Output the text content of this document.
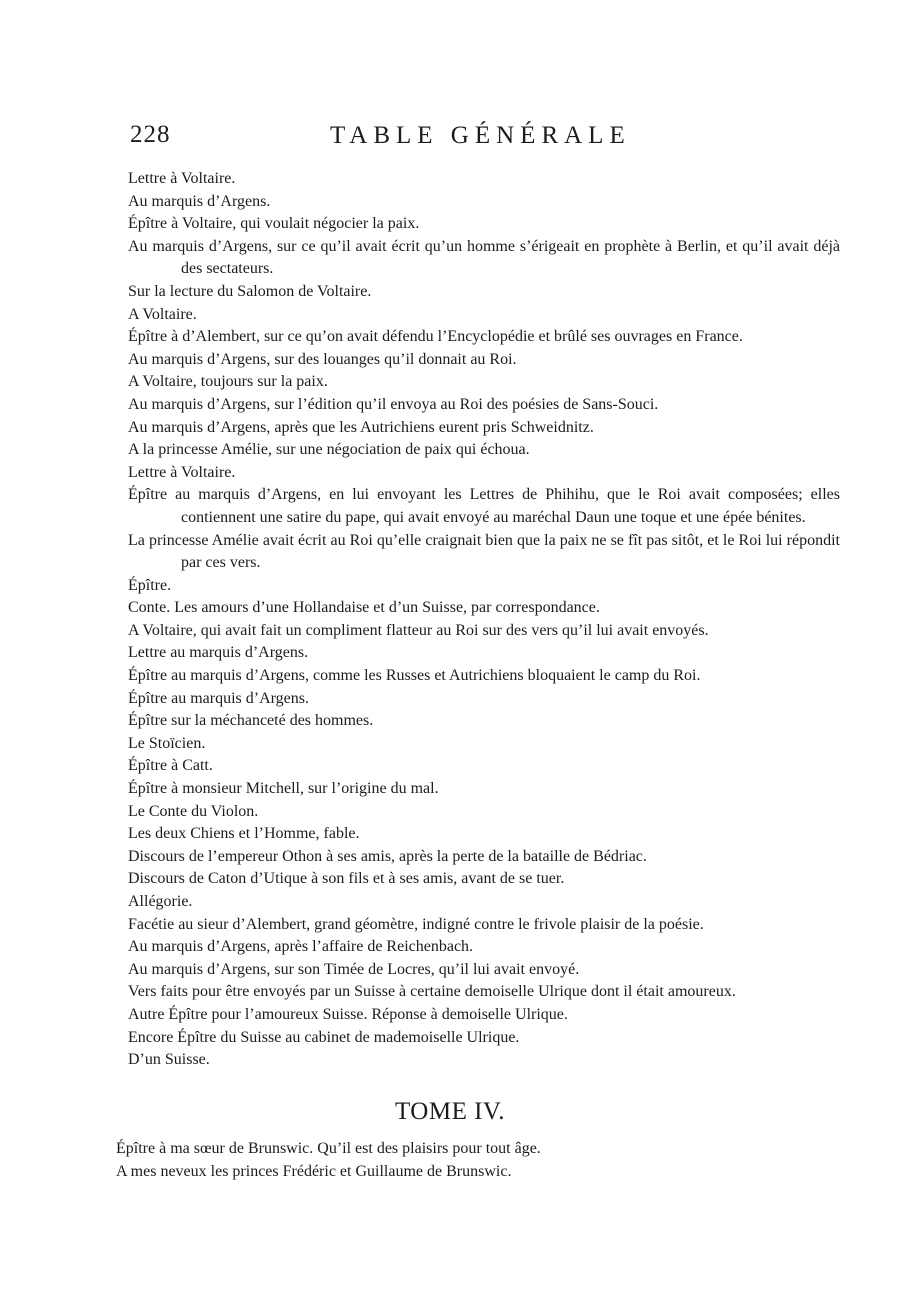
228	TABLE GÉNÉRALE
Lettre à Voltaire.
Au marquis d’Argens.
Épître à Voltaire, qui voulait négocier la paix.
Au marquis d’Argens, sur ce qu’il avait écrit qu’un homme s’érigeait en prophète à Berlin, et qu’il avait déjà des sectateurs.
Sur la lecture du Salomon de Voltaire.
A Voltaire.
Épître à d’Alembert, sur ce qu’on avait défendu l’Encyclopédie et brûlé ses ouvrages en France.
Au marquis d’Argens, sur des louanges qu’il donnait au Roi.
A Voltaire, toujours sur la paix.
Au marquis d’Argens, sur l’édition qu’il envoya au Roi des poésies de Sans-Souci.
Au marquis d’Argens, après que les Autrichiens eurent pris Schweidnitz.
A la princesse Amélie, sur une négociation de paix qui échoua.
Lettre à Voltaire.
Épître au marquis d’Argens, en lui envoyant les Lettres de Phihihu, que le Roi avait composées; elles contiennent une satire du pape, qui avait envoyé au maréchal Daun une toque et une épée bénites.
La princesse Amélie avait écrit au Roi qu’elle craignait bien que la paix ne se fît pas sitôt, et le Roi lui répondit par ces vers.
Épître.
Conte. Les amours d’une Hollandaise et d’un Suisse, par correspondance.
A Voltaire, qui avait fait un compliment flatteur au Roi sur des vers qu’il lui avait envoyés.
Lettre au marquis d’Argens.
Épître au marquis d’Argens, comme les Russes et Autrichiens bloquaient le camp du Roi.
Épître au marquis d’Argens.
Épître sur la méchanceté des hommes.
Le Stoïcien.
Épître à Catt.
Épître à monsieur Mitchell, sur l’origine du mal.
Le Conte du Violon.
Les deux Chiens et l’Homme, fable.
Discours de l’empereur Othon à ses amis, après la perte de la bataille de Bédriac.
Discours de Caton d’Utique à son fils et à ses amis, avant de se tuer.
Allégorie.
Facétie au sieur d’Alembert, grand géomètre, indigné contre le frivole plaisir de la poésie.
Au marquis d’Argens, après l’affaire de Reichenbach.
Au marquis d’Argens, sur son Timée de Locres, qu’il lui avait envoyé.
Vers faits pour être envoyés par un Suisse à certaine demoiselle Ulrique dont il était amoureux.
Autre Épître pour l’amoureux Suisse. Réponse à demoiselle Ulrique.
Encore Épître du Suisse au cabinet de mademoiselle Ulrique.
D’un Suisse.
TOME IV.
Épître à ma sœur de Brunswic. Qu’il est des plaisirs pour tout âge.
A mes neveux les princes Frédéric et Guillaume de Brunswic.
